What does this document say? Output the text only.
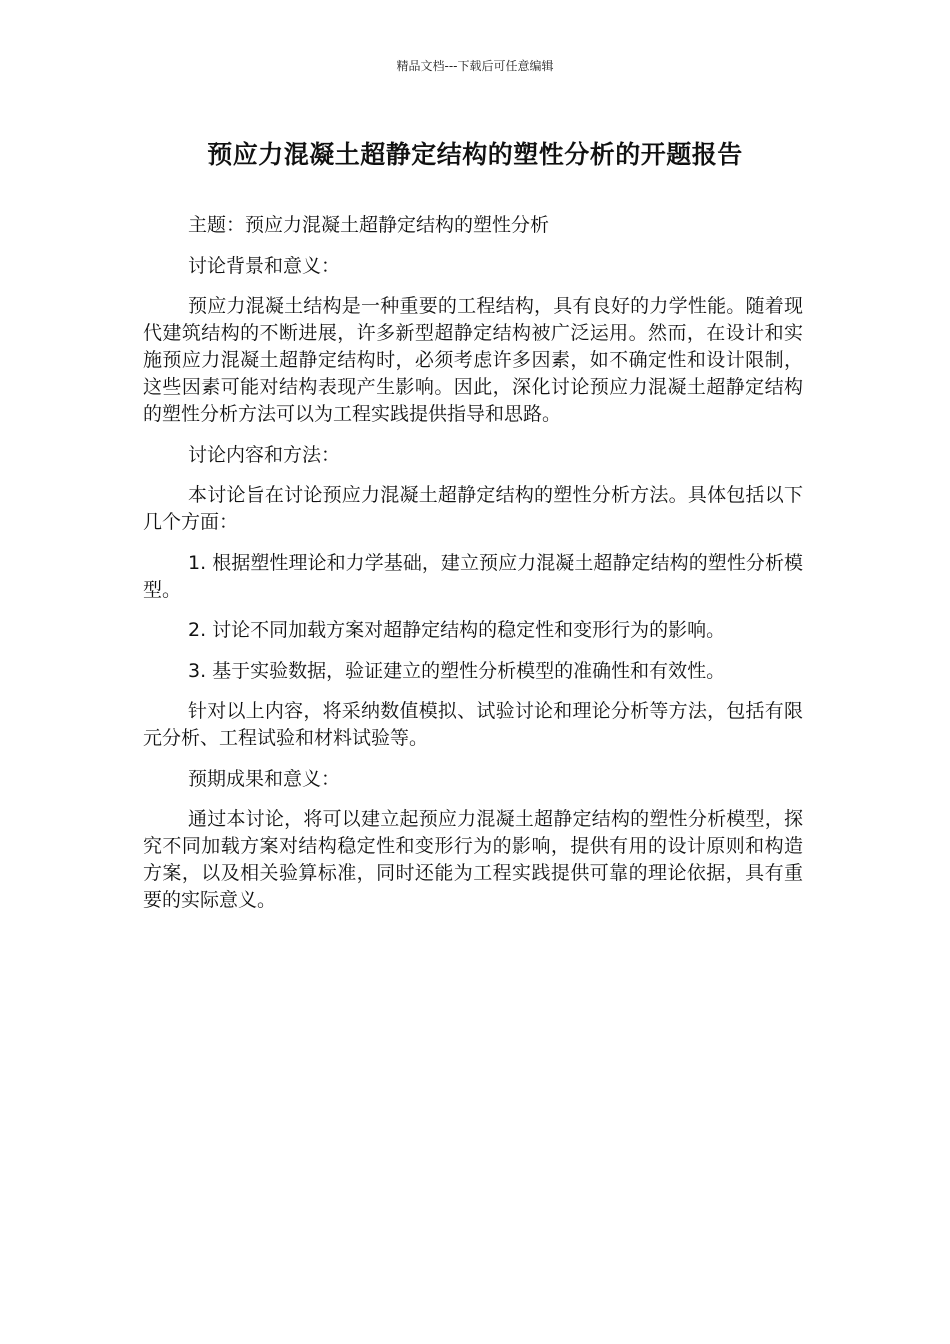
精品文档---下载后可任意编辑
预应力混凝土超静定结构的塑性分析的开题报告

主题：预应力混凝土超静定结构的塑性分析

讨论背景和意义：

预应力混凝土结构是一种重要的工程结构，具有良好的力学性能。随着现代建筑结构的不断进展，许多新型超静定结构被广泛运用。然而，在设计和实施预应力混凝土超静定结构时，必须考虑许多因素，如不确定性和设计限制，这些因素可能对结构表现产生影响。因此，深化讨论预应力混凝土超静定结构的塑性分析方法可以为工程实践提供指导和思路。

讨论内容和方法：

本讨论旨在讨论预应力混凝土超静定结构的塑性分析方法。具体包括以下几个方面：

1. 根据塑性理论和力学基础，建立预应力混凝土超静定结构的塑性分析模型。

2. 讨论不同加载方案对超静定结构的稳定性和变形行为的影响。

3. 基于实验数据，验证建立的塑性分析模型的准确性和有效性。

针对以上内容，将采纳数值模拟、试验讨论和理论分析等方法，包括有限元分析、工程试验和材料试验等。

预期成果和意义：

通过本讨论，将可以建立起预应力混凝土超静定结构的塑性分析模型，探究不同加载方案对结构稳定性和变形行为的影响，提供有用的设计原则和构造方案，以及相关验算标准，同时还能为工程实践提供可靠的理论依据，具有重要的实际意义。
